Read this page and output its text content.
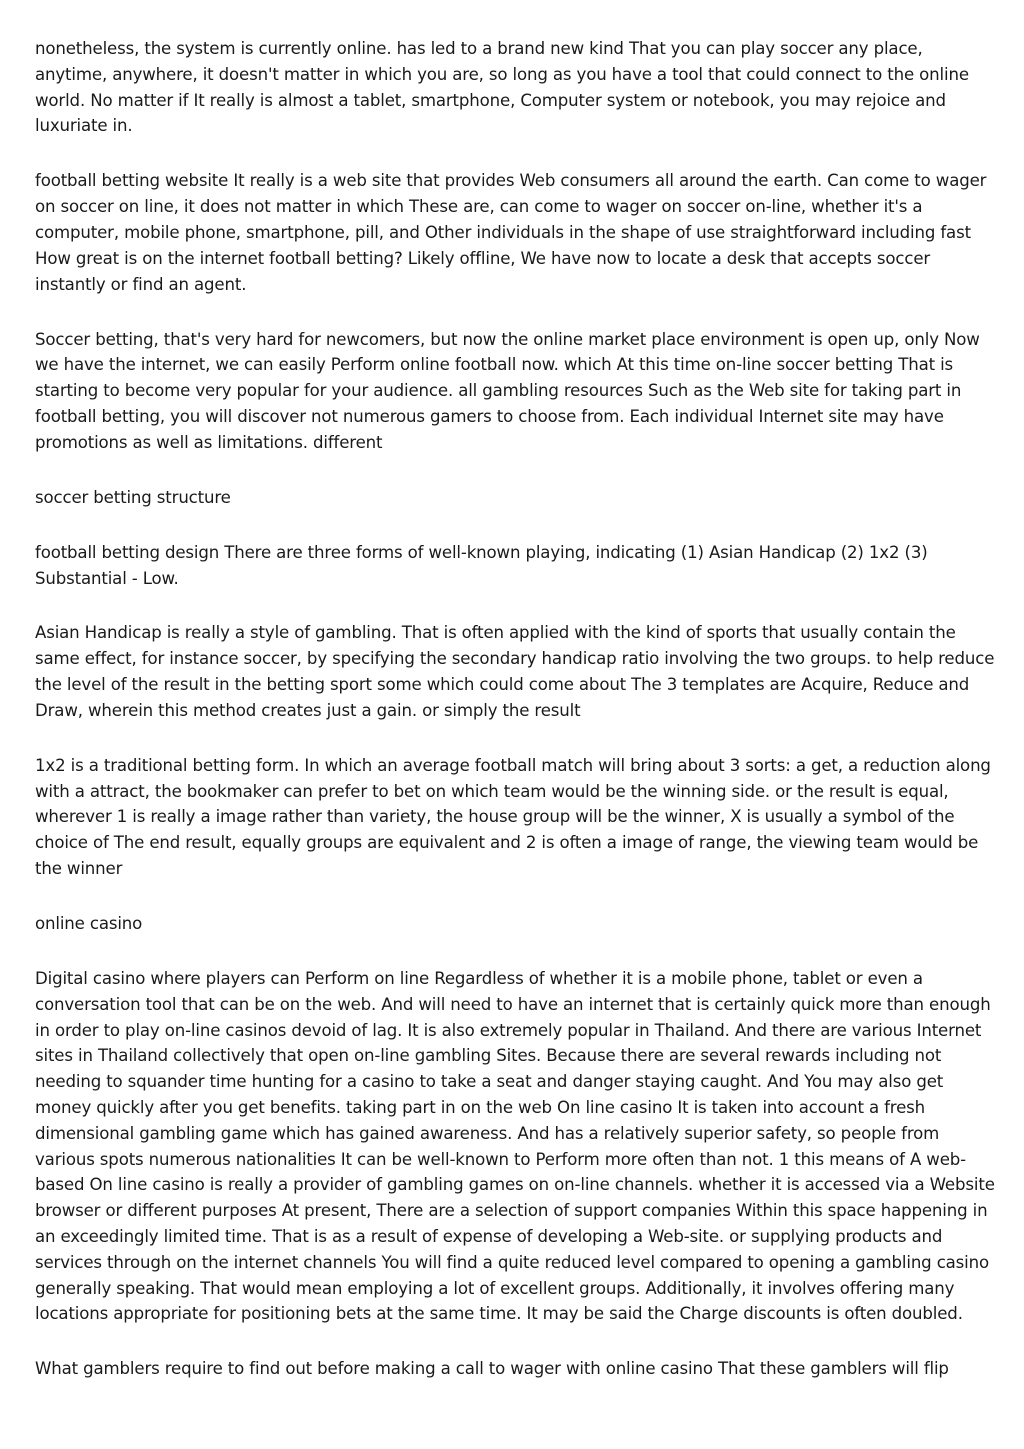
nonetheless, the system is currently online. has led to a brand new kind That you can play soccer any place, anytime, anywhere, it doesn't matter in which you are, so long as you have a tool that could connect to the online world. No matter if It really is almost a tablet, smartphone, Computer system or notebook, you may rejoice and luxuriate in.

football betting website It really is a web site that provides Web consumers all around the earth. Can come to wager on soccer on line, it does not matter in which These are, can come to wager on soccer on-line, whether it's a computer, mobile phone, smartphone, pill, and Other individuals in the shape of use straightforward including fast How great is on the internet football betting? Likely offline, We have now to locate a desk that accepts soccer instantly or find an agent.

Soccer betting, that's very hard for newcomers, but now the online market place environment is open up, only Now we have the internet, we can easily Perform online football now. which At this time on-line soccer betting That is starting to become very popular for your audience. all gambling resources Such as the Web site for taking part in football betting, you will discover not numerous gamers to choose from. Each individual Internet site may have promotions as well as limitations. different

soccer betting structure

football betting design There are three forms of well-known playing, indicating (1) Asian Handicap (2) 1x2 (3) Substantial - Low.

Asian Handicap is really a style of gambling. That is often applied with the kind of sports that usually contain the same effect, for instance soccer, by specifying the secondary handicap ratio involving the two groups. to help reduce the level of the result in the betting sport some which could come about The 3 templates are Acquire, Reduce and Draw, wherein this method creates just a gain. or simply the result

1x2 is a traditional betting form. In which an average football match will bring about 3 sorts: a get, a reduction along with a attract, the bookmaker can prefer to bet on which team would be the winning side. or the result is equal, wherever 1 is really a image rather than variety, the house group will be the winner, X is usually a symbol of the choice of The end result, equally groups are equivalent and 2 is often a image of range, the viewing team would be the winner

online casino

Digital casino where players can Perform on line Regardless of whether it is a mobile phone, tablet or even a conversation tool that can be on the web. And will need to have an internet that is certainly quick more than enough in order to play on-line casinos devoid of lag. It is also extremely popular in Thailand. And there are various Internet sites in Thailand collectively that open on-line gambling Sites. Because there are several rewards including not needing to squander time hunting for a casino to take a seat and danger staying caught. And You may also get money quickly after you get benefits. taking part in on the web On line casino It is taken into account a fresh dimensional gambling game which has gained awareness. And has a relatively superior safety, so people from various spots numerous nationalities It can be well-known to Perform more often than not. 1 this means of A web-based On line casino is really a provider of gambling games on on-line channels. whether it is accessed via a Website browser or different purposes At present, There are a selection of support companies Within this space happening in an exceedingly limited time. That is as a result of expense of developing a Web-site. or supplying products and services through on the internet channels You will find a quite reduced level compared to opening a gambling casino generally speaking. That would mean employing a lot of excellent groups. Additionally, it involves offering many locations appropriate for positioning bets at the same time. It may be said the Charge discounts is often doubled.

What gamblers require to find out before making a call to wager with online casino That these gamblers will flip
